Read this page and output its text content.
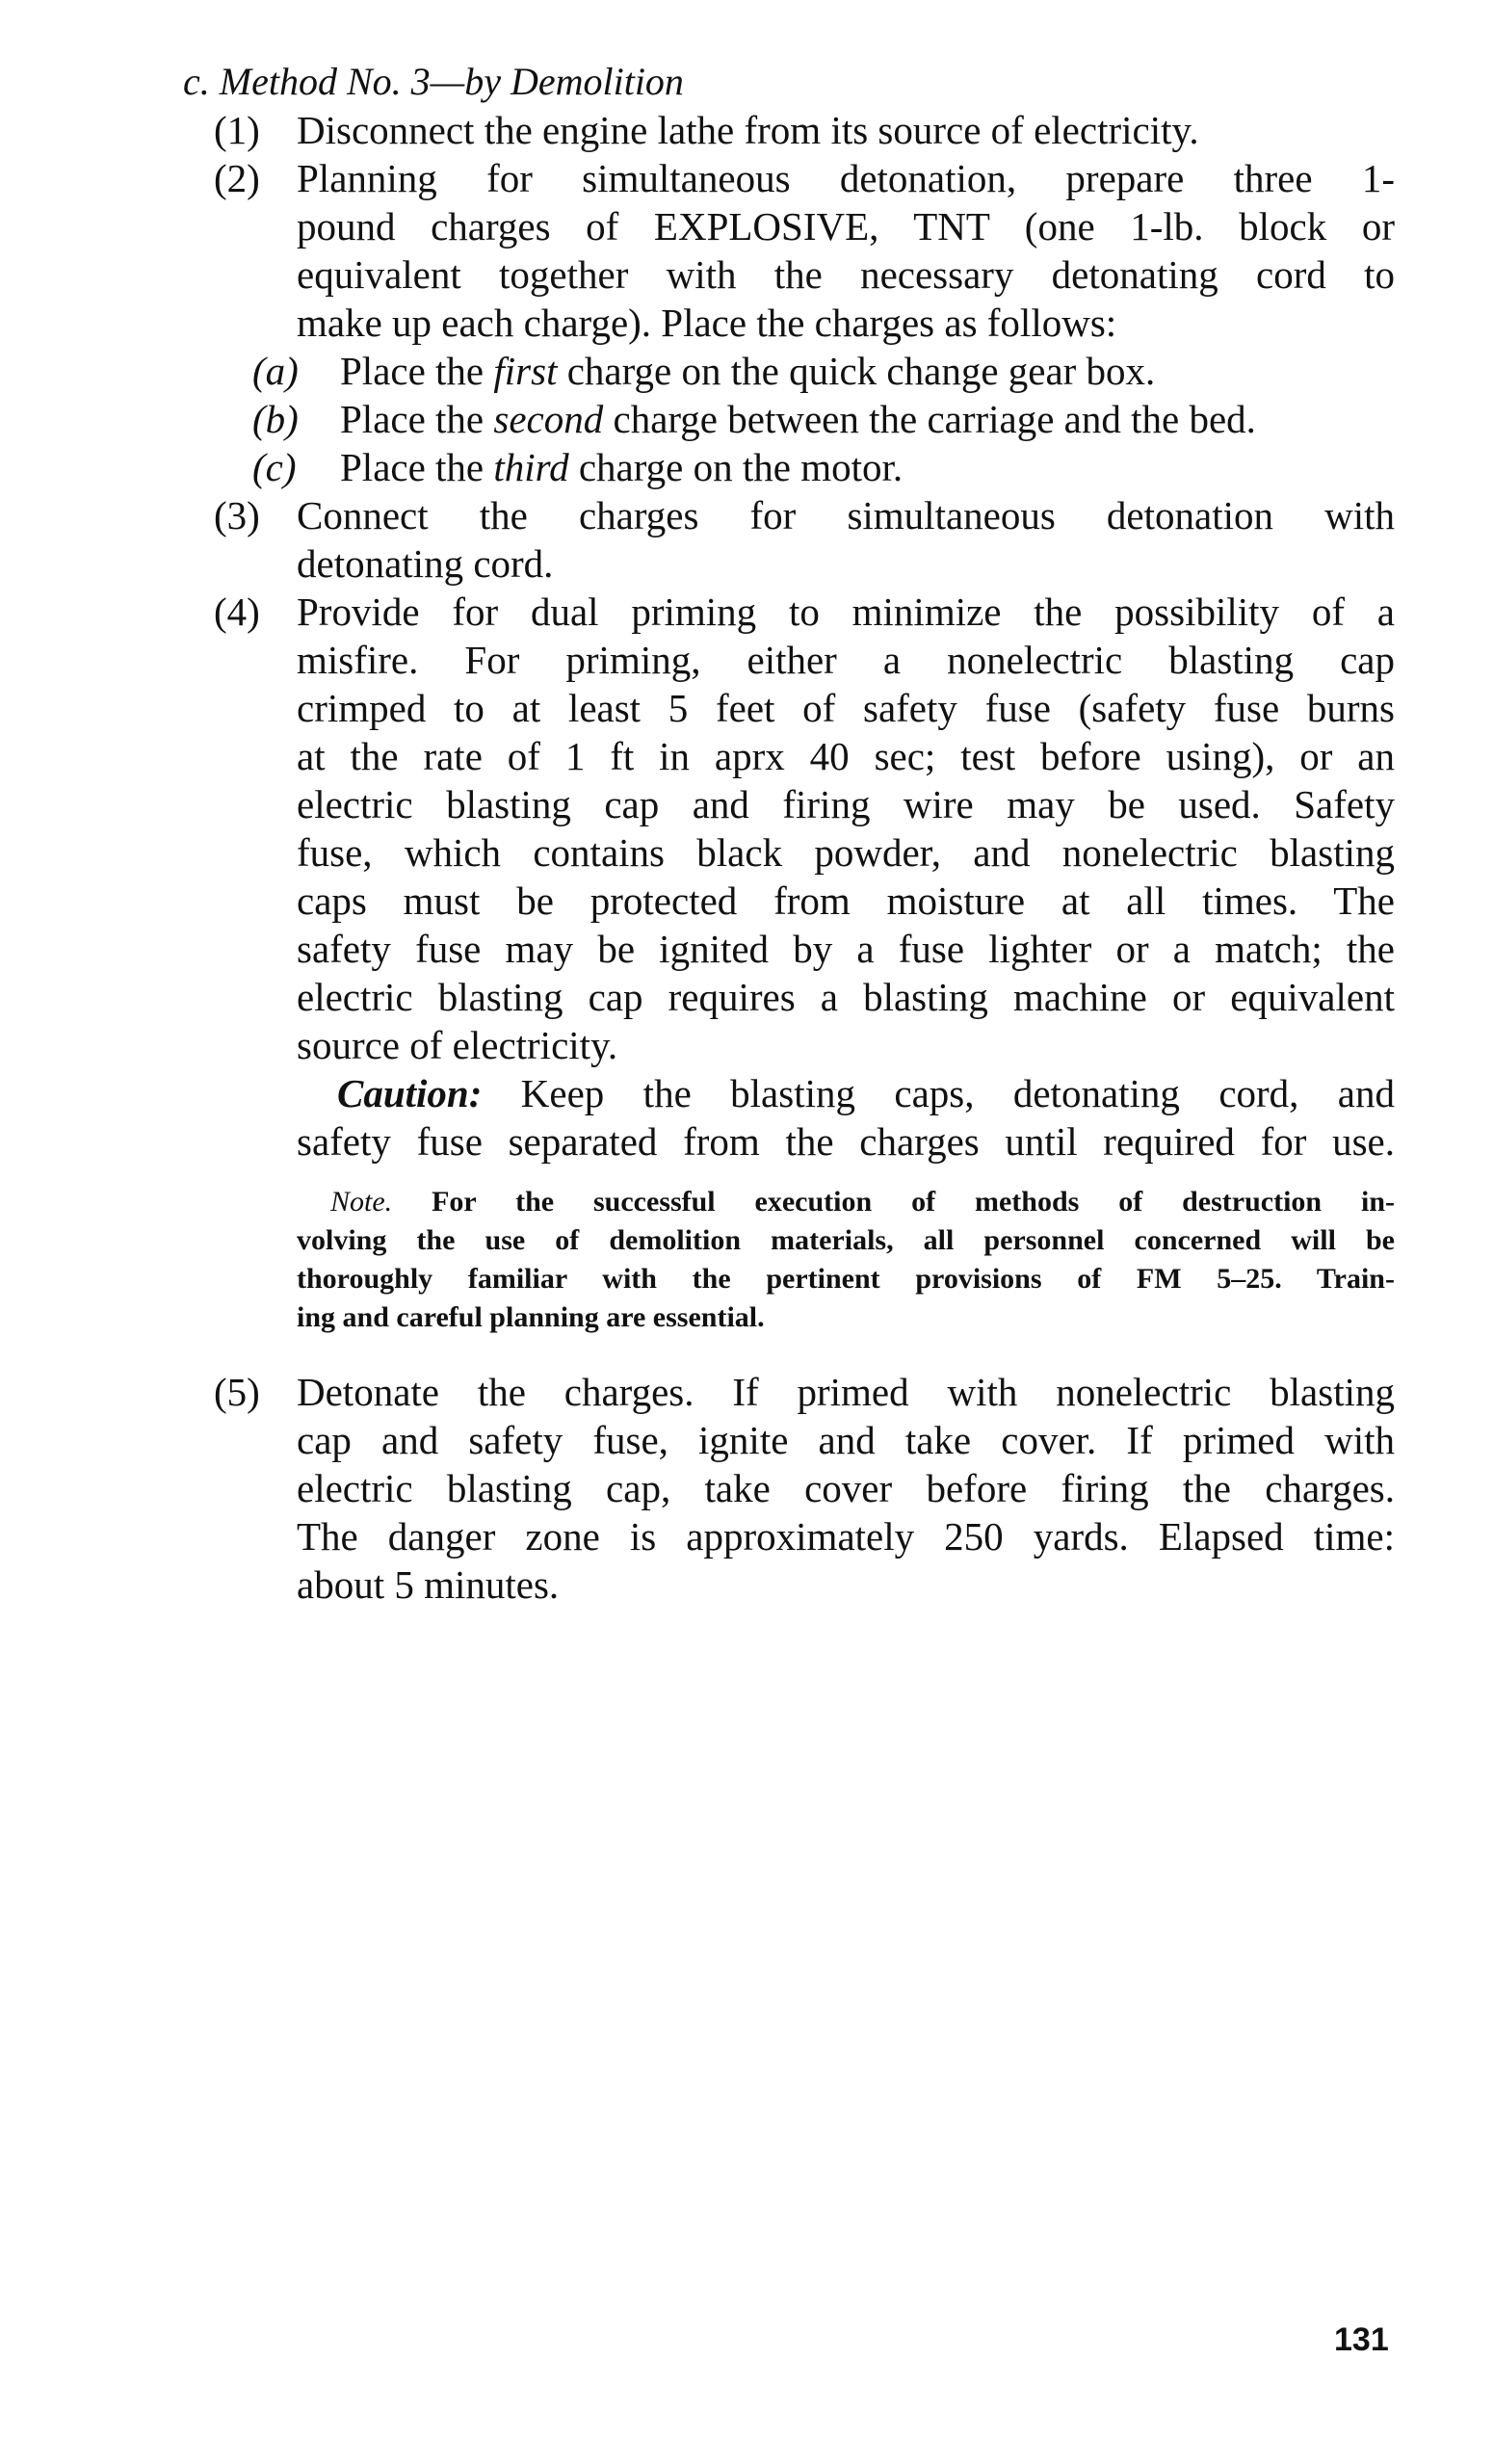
c. Method No. 3—by Demolition
(1) Disconnect the engine lathe from its source of electricity.
(2) Planning for simultaneous detonation, prepare three 1-
pound charges of EXPLOSIVE, TNT (one 1-lb. block or
equivalent together with the necessary detonating cord to
make up each charge). Place the charges as follows:
(a) Place the first charge on the quick change gear box.
(b) Place the second charge between the carriage and the bed.
(c) Place the third charge on the motor.
(3) Connect the charges for simultaneous detonation with
detonating cord.
(4) Provide for dual priming to minimize the possibility of a
misfire. For priming, either a nonelectric blasting cap
crimped to at least 5 feet of safety fuse (safety fuse burns
at the rate of 1 ft in aprx 40 sec; test before using), or an
electric blasting cap and firing wire may be used. Safety
fuse, which contains black powder, and nonelectric blasting
caps must be protected from moisture at all times. The
safety fuse may be ignited by a fuse lighter or a match; the
electric blasting cap requires a blasting machine or equivalent
source of electricity.
Caution: Keep the blasting caps, detonating cord, and
safety fuse separated from the charges until required for use.
Note. For the successful execution of methods of destruction in-
volving the use of demolition materials, all personnel concerned will be
thoroughly familiar with the pertinent provisions of FM 5–25. Train-
ing and careful planning are essential.
(5) Detonate the charges. If primed with nonelectric blasting
cap and safety fuse, ignite and take cover. If primed with
electric blasting cap, take cover before firing the charges.
The danger zone is approximately 250 yards. Elapsed time:
about 5 minutes.
131
